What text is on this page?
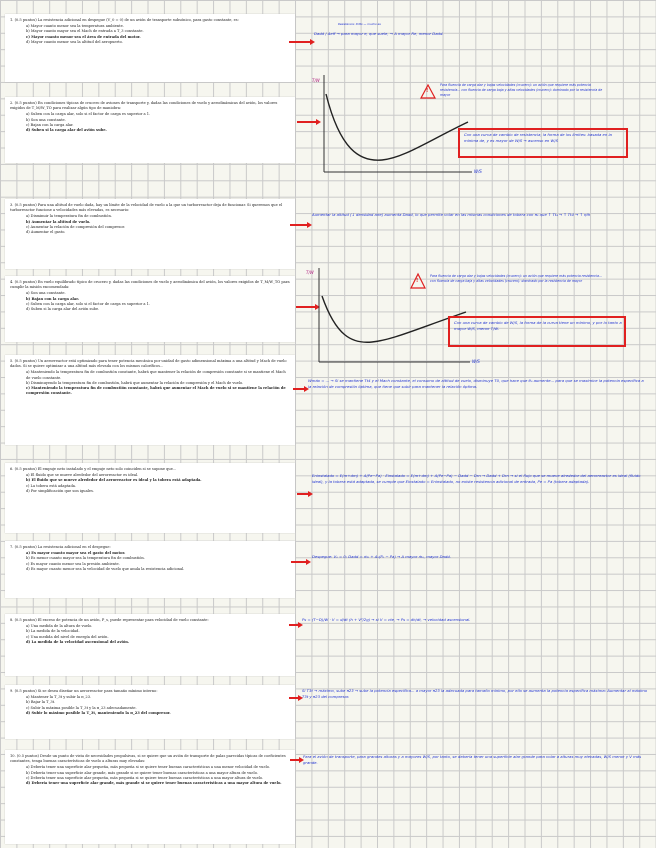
1. (0.5 puntos) La resistencia adicional en despegue (V_0 = 0) de un avión de transporte subsónico, para gasto constante, es:
a) Mayor cuanto menor sea la temperatura ambiente.
b) Mayor cuanto mayor sea el Mach de entrada a T_3 constante.
c) Mayor cuanto menor sea el área de entrada del motor.
d) Mayor cuanto menor sea la altitud del aeropuerto.
2. (0.5 puntos) En condiciones típicas de crucero de aviones de transporte y, dadas las condiciones de vuelo y aerodinámicas del avión, los valores exigidos de T_M/W_TO para realizar algún tipo de maniobra:
a) Suben con la carga alar, solo si el factor de carga es superior a 1.
b) Son una constante.
c) Bajan con la carga alar.
d) Suben si la carga alar del avión sube.
3. (0.5 puntos) Para una altitud de vuelo dada, hay un límite de la velocidad de vuelo a la que un turborreactor deja de funcionar. Si queremos que el turborreactor funcione a velocidades más elevadas, es necesario:
a) Disminuir la temperatura fin de combustión.
b) Aumentar la altitud de vuelo.
c) Aumentar la relación de compresión del compresor.
d) Aumentar el gasto.
4. (0.5 puntos) En vuelo equilibrado típico de crucero y, dadas las condiciones de vuelo y aerodinámica del avión, los valores exigidos de T_M/W_TO para cumplir la misión encomendada:
a) Son una constante.
b) Bajan con la carga alar.
c) Suben con la carga alar, solo si el factor de carga es superior a 1.
d) Suben si la carga alar del avión sube.
5. (0.5 puntos) Un aerorreactor está optimizado para tener potencia mecánica por unidad de gasto adimensional máxima a una altitud y Mach de vuelo dados. Si se quiere optimizar a una altitud más elevada con los mismos caloríficos...
a) Manteniendo la temperatura fin de combustión constante, habrá que mantener la relación de compresión constante si se mantiene el Mach de vuelo constante.
b) Disminuyendo la temperatura fin de combustión, habrá que aumentar la relación de compresión y el Mach de vuelo.
c) Manteniendo la temperatura fin de combustión constante, habrá que aumentar el Mach de vuelo si se mantiene la relación de compresión constante.
6. (0.5 puntos) El empuje neto instalado y el empuje neto solo coinciden si se supone que...
a) El fluido que se mueve alrededor del aerorreactor es ideal.
b) El fluido que se mueve alrededor del aerorreactor es ideal y la tobera está adaptada.
c) La tobera está adaptada.
d) Por simplificación que son iguales.
7. (0.5 puntos) La resistencia adicional en el despegue:
a) Es mayor cuanto mayor sea el gasto del motor.
b) Es menor cuanto mayor sea la temperatura fin de combustión.
c) Es mayor cuanto menor sea la presión ambiente.
d) Es mayor cuanto menor sea la velocidad de vuelo que anula la resistencia adicional.
8. (0.5 puntos) El exceso de potencia de un avión, P_s, puede representar para velocidad de vuelo constante:
a) Una medida de la altura de vuelo.
b) La medida de la velocidad.
c) Una medida del nivel de energía del avión.
d) La medida de la velocidad ascensional del avión.
9. (0.5 puntos) Si se desea diseñar un aerorreactor para tamaño mínimo interno:
a) Mantener la T_3t y subir la π_23.
b) Bajar la T_3t.
c) Subir la máxima posible la T_3t y la π_23 adecuadamente.
d) Subir lo máximo posible la T_3t, manteniendo la π_23 del compresor.
10. (0.5 puntos) Desde un punto de vista de necesidades propulsivas, si se quiere que un avión de transporte de palas parecidas típicas de coeficientes constantes, tenga buenas características de vuelo a alturas muy elevadas:
a) Debería tener una superficie alar pequeña, más pequeña si se quiere tener buenas características a una menor velocidad de vuelo.
b) Debería tener una superficie alar grande, más grande si se quiere tener buenas características a una mayor altura de vuelo.
c) Debería tener una superficie alar pequeña, más pequeña si se quiere tener buenas características a una mayor altura de vuelo.
d) Debería tener una superficie alar grande, más grande si se quiere tener buenas características a una mayor altura de vuelo.
Resistencia: Ditto — mucho es
Dadd / Aeff → para mayor π, que suele, → A mayor Re, menor Dadd.
T/W
W/S
T/W
W/S
!
!
Para fluencia de carga alar y bajas velocidades (crucero): un avión que requiere más potencia resistencia... con fluencia de carga baja y altas velocidades (crucero): dominado por la resistencia de mayor
Con una curva de cambio de resistencia, la forma de los límites: basada en la mínima de, y es mayor de W/S → ascenso en W/S
Aumentar la altitud (↓ densidad aire) aumenta Dadd, lo que permite volar en las mismas condiciones de tobera con π₂ que ↑ Tt₄ → ↑ Tt4 → ↑ ηth
Para fluencia de carga alar y bajas velocidades (crucero): un avión que requiere más potencia resistencia... con fluencia de carga baja y altas velocidades (crucero): dominado por la resistencia de mayor
Con una curva de cambio de W/S, la forma de la curva tiene un mínimo, y por lo tanto a mayor W/S, menor T/W.
Wmáx = ... → Si se mantiene Tt4 y el Mach constante, el consumo de altitud de vuelo, disminuye T0, que hace que θ₀ aumente... para que se maximice la potencia específica a la relación de compresión óptima, que tiene que subir para mantener la relación óptima.
Eninstalado = E(m+dm) + A(Pe−Pa) · Einstalado = E(m+dm) + A(Pe−Pa) − Dadd − Drn → Dadd + Drn → si el flujo que se mueve alrededor del aerorreactor es ideal (fluido ideal), y la tobera está adaptada, se cumple que Einstalado = Eninstalado, no existe resistencia adicional de entrada, Pe = Pa (tobera adaptada).
Despegue: V₀ = 0; Dadd = ṁ₀ + A₀(P₀ − Pa) → A mayor ṁ₀, mayor Dadd.
Ps = (T−D)/W · V = d/dt (h + V²/2g) → si V = cte, → Ps = dh/dt, → velocidad ascensional.
Si T3t → máximo, sube π23 → sube la potencia específica... a mayor π23 la adecuada para tamaño mínimo, por ello se aumenta la potencia específica máxima: Aumentar al máximo T3t y π23 del compresor.
Para el avión de transporte, para grandes alturas y a mayores W/S, por tanto, se debería tener una superficie alar grande para volar a alturas muy elevadas, W/S menor y V más grande.
